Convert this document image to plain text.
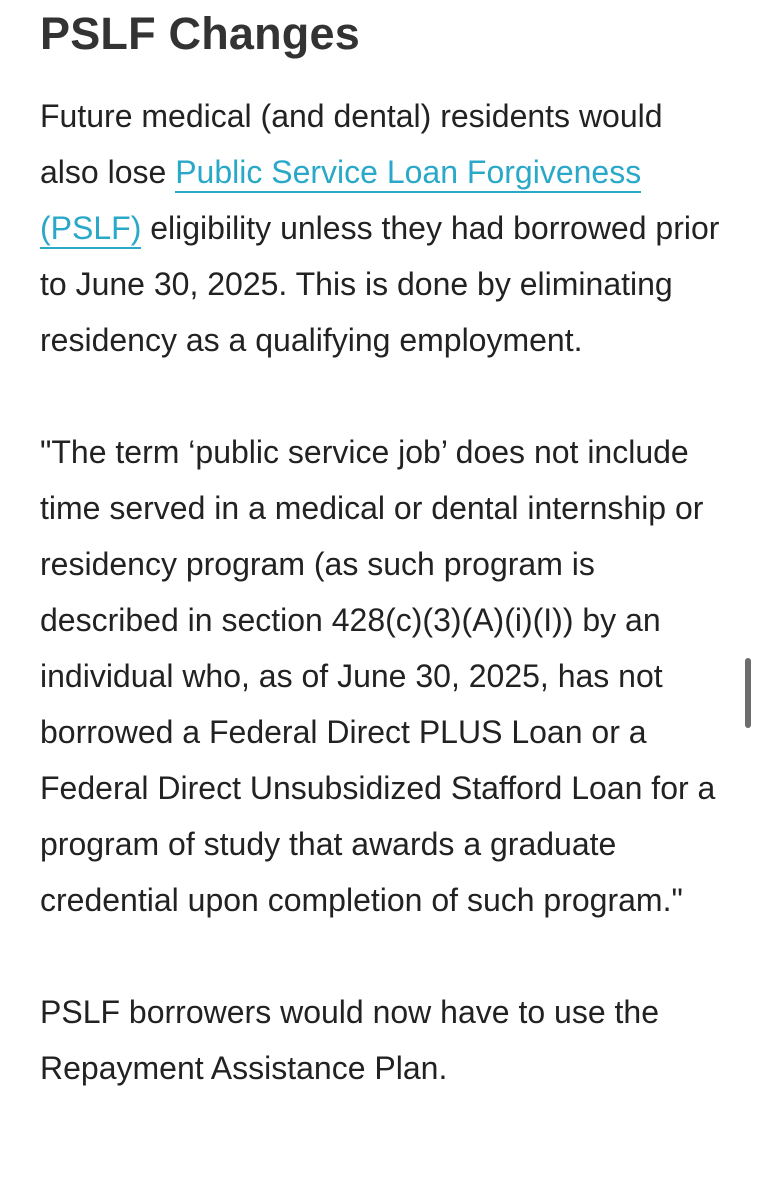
PSLF Changes

Future medical (and dental) residents would also lose Public Service Loan Forgiveness (PSLF) eligibility unless they had borrowed prior to June 30, 2025. This is done by eliminating residency as a qualifying employment.

"The term ‘public service job’ does not include time served in a medical or dental internship or residency program (as such program is described in section 428(c)(3)(A)(i)(I)) by an individual who, as of June 30, 2025, has not borrowed a Federal Direct PLUS Loan or a Federal Direct Unsubsidized Stafford Loan for a program of study that awards a graduate credential upon completion of such program."

PSLF borrowers would now have to use the Repayment Assistance Plan.
